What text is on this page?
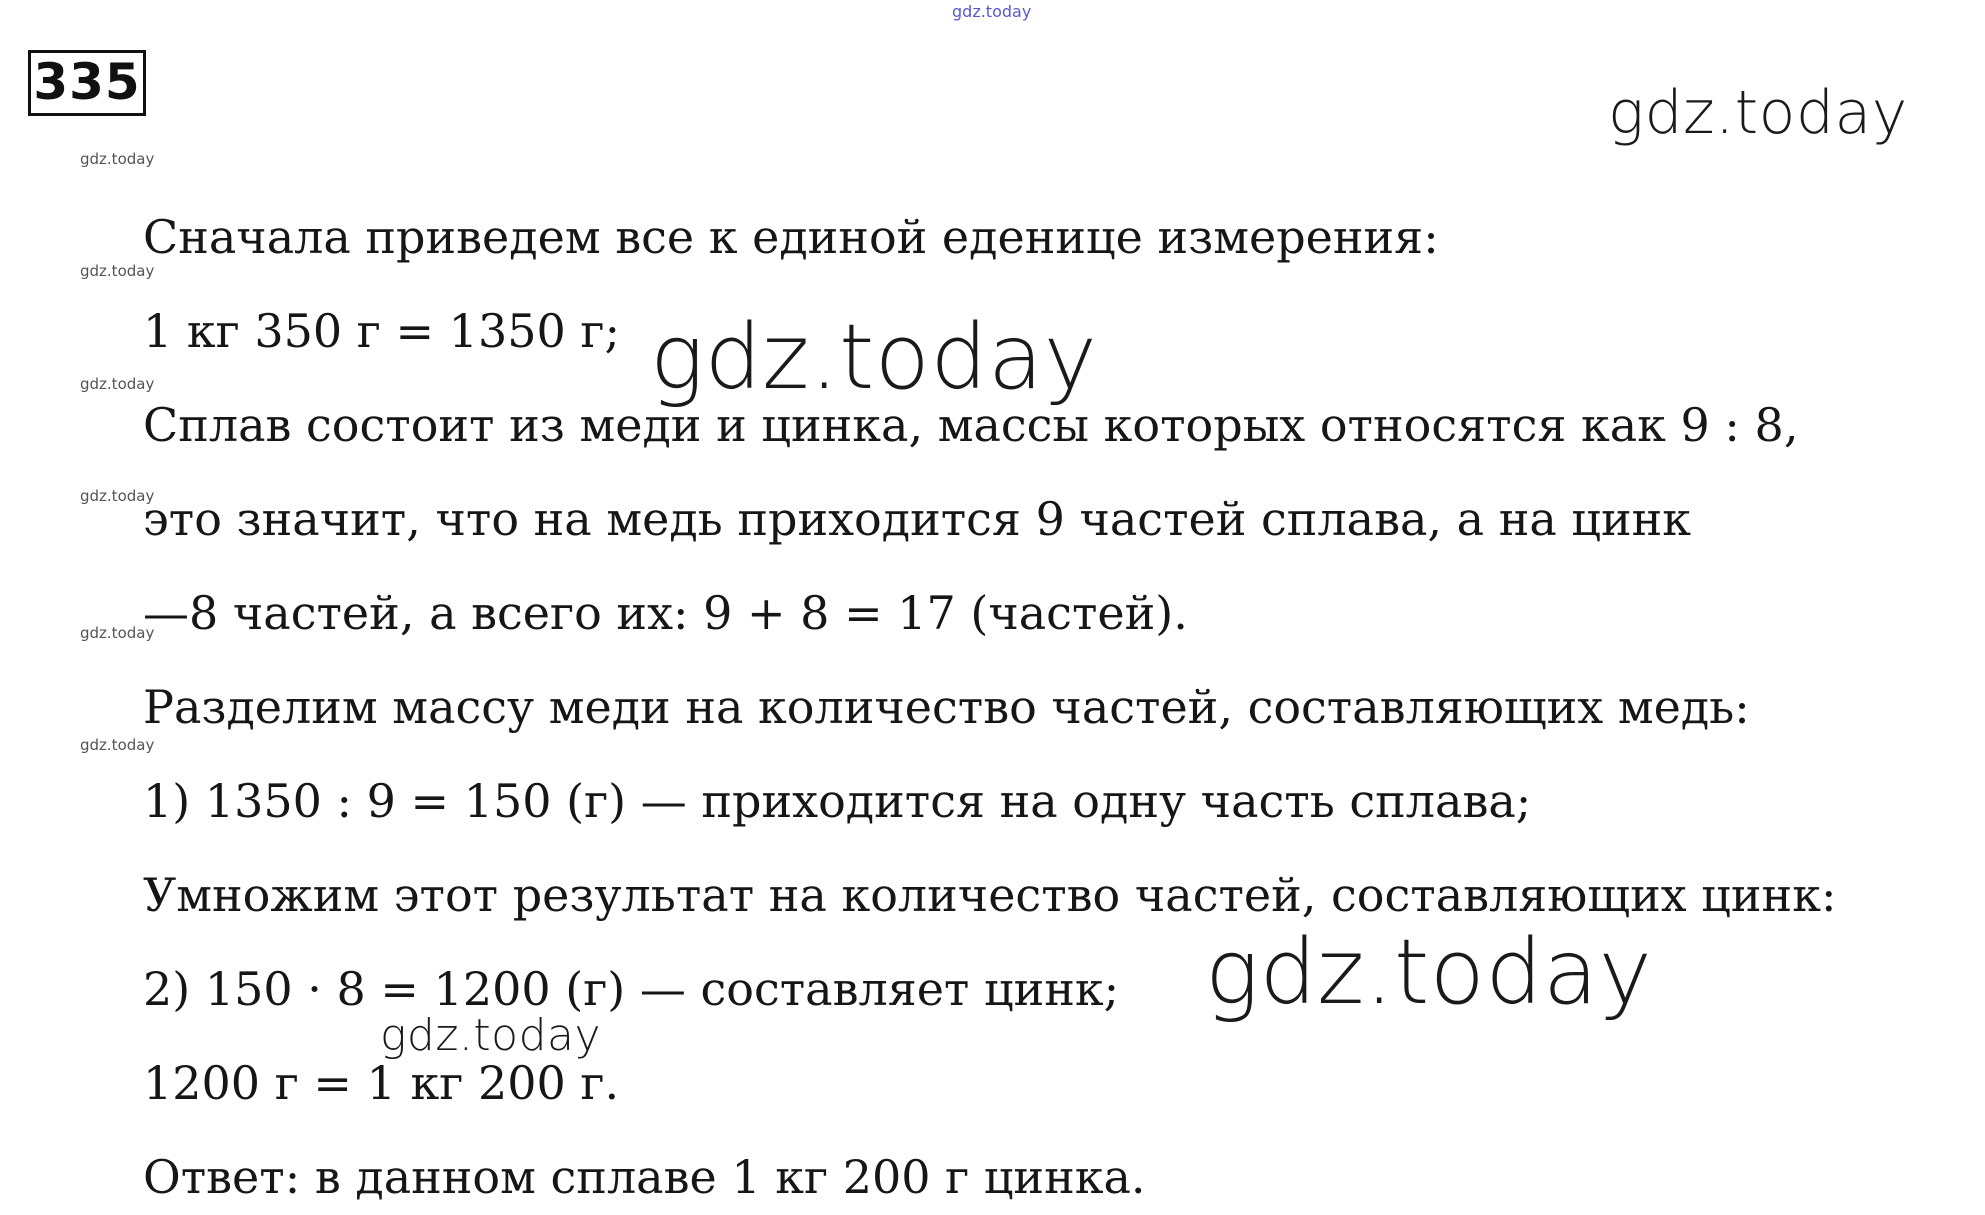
gdz.today
335	gdz.today
gdz.today
gdz.today
gdz.today
gdz.today
gdz.today
gdz.today
Сначала приведем все к единой еденице измерения:
1 кг 350 г = 1350 г;
Сплав состоит из меди и цинка, массы которых относятся как 9 : 8,
это значит, что на медь приходится 9 частей сплава, а на цинк
—8 частей, а всего их: 9 + 8 = 17 (частей).
Разделим массу меди на количество частей, составляющих медь:
1) 1350 : 9 = 150 (г) — приходится на одну часть сплава;
Умножим этот результат на количество частей, составляющих цинк:
2) 150 · 8 = 1200 (г) — составляет цинк;
1200 г = 1 кг 200 г.
Ответ: в данном сплаве 1 кг 200 г цинка.
gdz.today
gdz.today
gdz.today
